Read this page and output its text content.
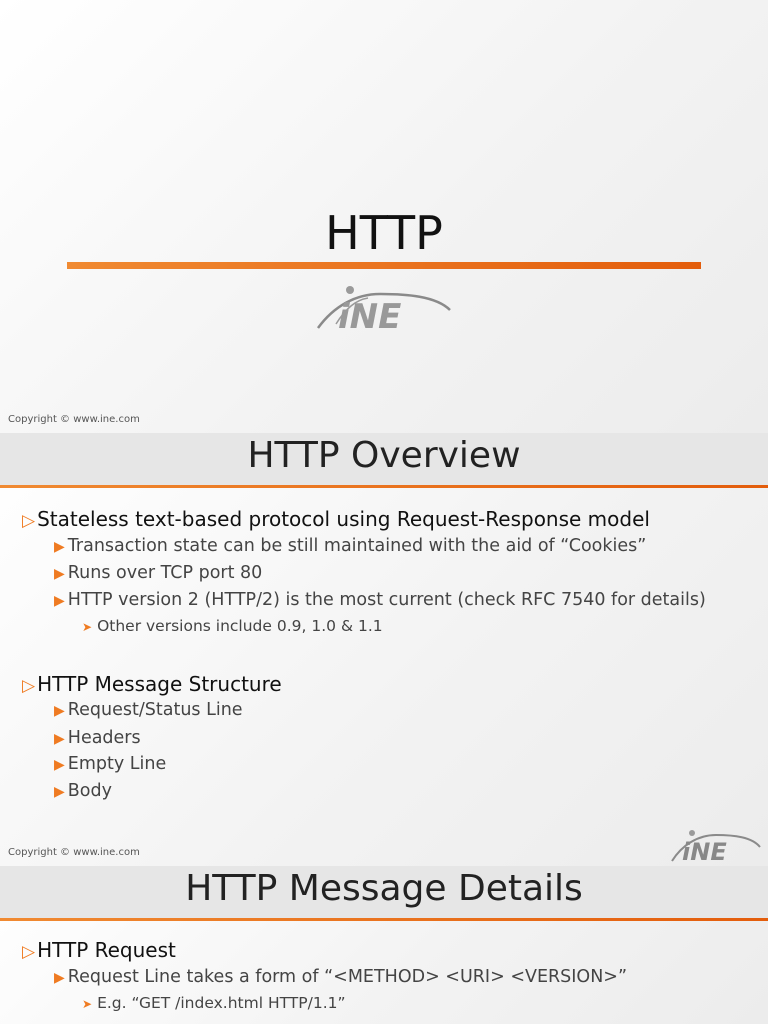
HTTP
iNE
Copyright © www.ine.com
HTTP Overview
▷ Stateless text-based protocol using Request-Response model
▶ Transaction state can be still maintained with the aid of “Cookies”
▶ Runs over TCP port 80
▶ HTTP version 2 (HTTP/2) is the most current (check RFC 7540 for details)
➤ Other versions include 0.9, 1.0 & 1.1
▷ HTTP Message Structure
▶ Request/Status Line
▶ Headers
▶ Empty Line
▶ Body
Copyright © www.ine.com	iNE
HTTP Message Details
▷ HTTP Request
▶ Request Line takes a form of “<METHOD> <URI> <VERSION>”
➤ E.g. “GET /index.html HTTP/1.1”
